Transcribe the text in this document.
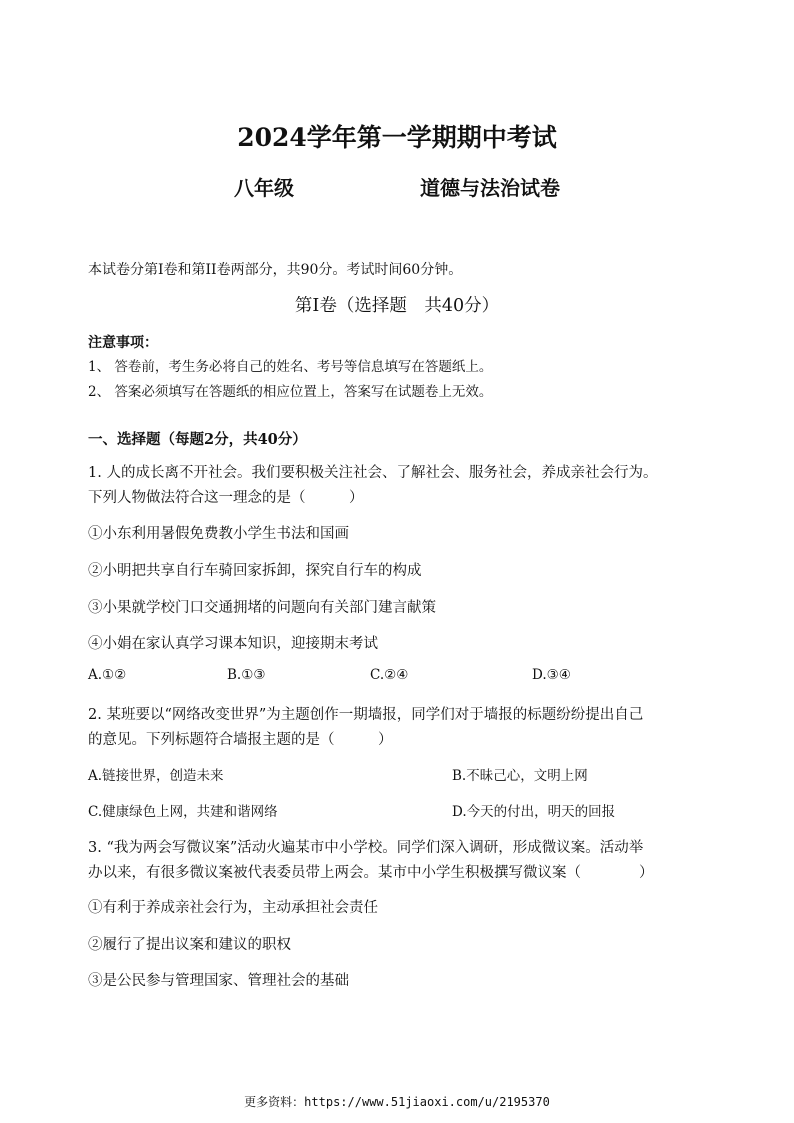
2024学年第一学期期中考试
八年级	道德与法治试卷
本试卷分第I卷和第II卷两部分，共90分。考试时间60分钟。
第I卷（选择题　共40分）
注意事项：
1、 答卷前，考生务必将自己的姓名、考号等信息填写在答题纸上。
2、 答案必须填写在答题纸的相应位置上，答案写在试题卷上无效。
一、选择题（每题2分，共40分）
1. 人的成长离不开社会。我们要积极关注社会、了解社会、服务社会，养成亲社会行为。
下列人物做法符合这一理念的是（　　　）
①小东利用暑假免费教小学生书法和国画
②小明把共享自行车骑回家拆卸，探究自行车的构成
③小果就学校门口交通拥堵的问题向有关部门建言献策
④小娟在家认真学习课本知识，迎接期末考试
A.①②	B.①③	C.②④	D.③④
2. 某班要以“网络改变世界”为主题创作一期墙报，同学们对于墙报的标题纷纷提出自己
的意见。下列标题符合墙报主题的是（　　　）
A.链接世界，创造未来	B.不昧己心，文明上网
C.健康绿色上网，共建和谐网络	D.今天的付出，明天的回报
3. “我为两会写微议案”活动火遍某市中小学校。同学们深入调研，形成微议案。活动举
办以来，有很多微议案被代表委员带上两会。某市中小学生积极撰写微议案（　　　　）
①有利于养成亲社会行为，主动承担社会责任
②履行了提出议案和建议的职权
③是公民参与管理国家、管理社会的基础
更多资料：https://www.51jiaoxi.com/u/2195370
